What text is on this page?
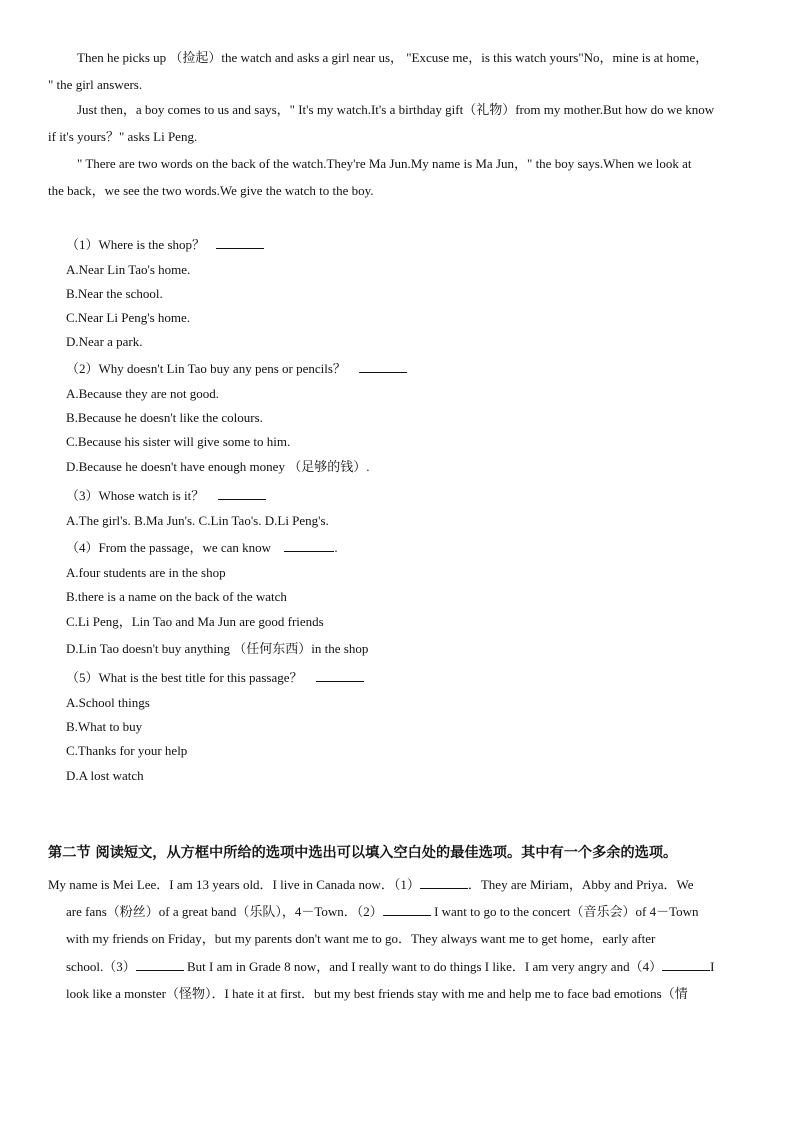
Then he picks up （捡起）the watch and asks a girl near us， "Excuse me，is this watch yours"No，mine is at home，
" the girl answers.
Just then，a boy comes to us and says，" It's my watch.It's a birthday gift（礼物）from my mother.But how do we know
if it's yours？" asks Li Peng.
" There are two words on the back of the watch.They're Ma Jun.My name is Ma Jun，" the boy says.When we look at
the back，we see the two words.We give the watch to the boy.
（1）Where is the shop？
A.Near Lin Tao's home.
B.Near the school.
C.Near Li Peng's home.
D.Near a park.
（2）Why doesn't Lin Tao buy any pens or pencils？
A.Because they are not good.
B.Because he doesn't like the colours.
C.Because his sister will give some to him.
D.Because he doesn't have enough money （足够的钱）.
（3）Whose watch is it？
A.The girl's. B.Ma Jun's. C.Lin Tao's. D.Li Peng's.
（4）From the passage，we can know	.
A.four students are in the shop
B.there is a name on the back of the watch
C.Li Peng，Lin Tao and Ma Jun are good friends
D.Lin Tao doesn't buy anything （任何东西）in the shop
（5）What is the best title for this passage？
A.School things
B.What to buy
C.Thanks for your help
D.A lost watch
第二节 阅读短文，从方框中所给的选项中选出可以填入空白处的最佳选项。其中有一个多余的选项。
My name is Mei Lee．I am 13 years old．I live in Canada now．（1）	．They are Miriam，Abby and Priya．We
are fans（粉丝）of a great band（乐队），4－Town．（2）	I want to go to the concert（音乐会）of 4－Town
with my friends on Friday，but my parents don't want me to go．They always want me to get home，early after
school.（3）	But I am in Grade 8 now，and I really want to do things I like．I am very angry and（4）	I
look like a monster（怪物）．I hate it at first．but my best friends stay with me and help me to face bad emotions（情
